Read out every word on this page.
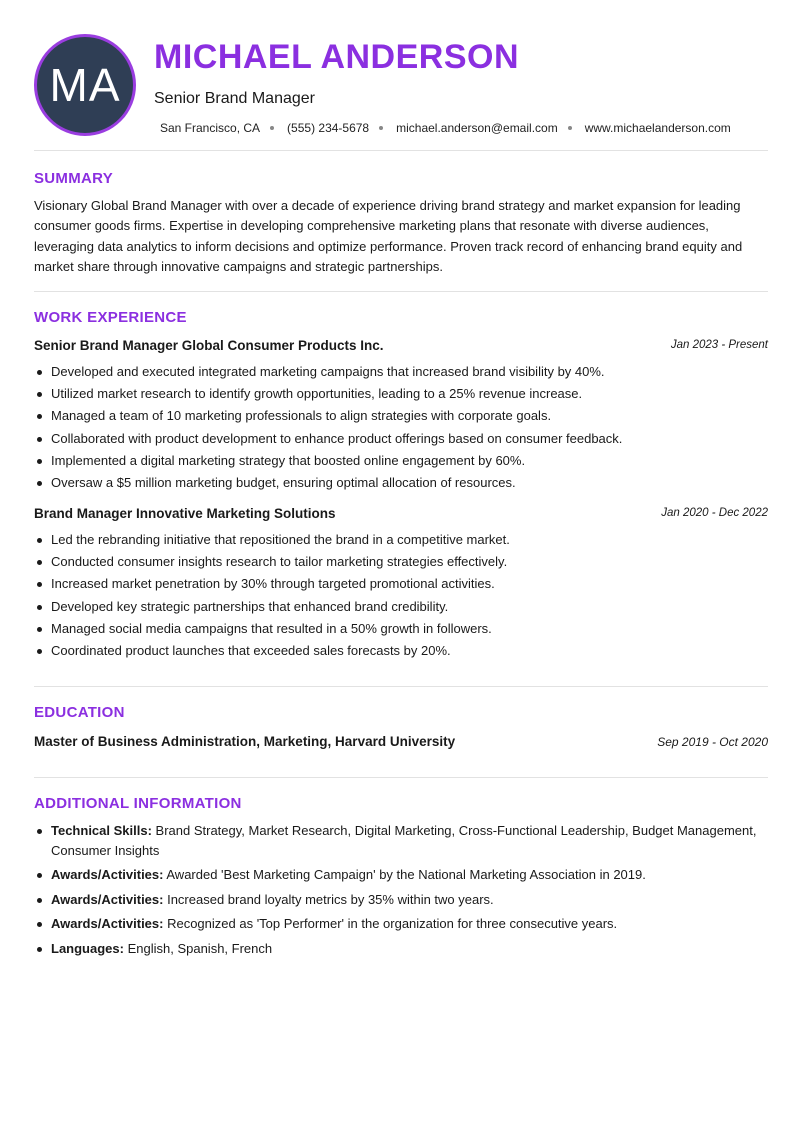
MA
MICHAEL ANDERSON
Senior Brand Manager
San Francisco, CA (555) 234-5678 michael.anderson@email.com www.michaelanderson.com
SUMMARY
Visionary Global Brand Manager with over a decade of experience driving brand strategy and market expansion for leading consumer goods firms. Expertise in developing comprehensive marketing plans that resonate with diverse audiences, leveraging data analytics to inform decisions and optimize performance. Proven track record of enhancing brand equity and market share through innovative campaigns and strategic partnerships.
WORK EXPERIENCE
Senior Brand Manager Global Consumer Products Inc.	Jan 2023 - Present
Developed and executed integrated marketing campaigns that increased brand visibility by 40%.
Utilized market research to identify growth opportunities, leading to a 25% revenue increase.
Managed a team of 10 marketing professionals to align strategies with corporate goals.
Collaborated with product development to enhance product offerings based on consumer feedback.
Implemented a digital marketing strategy that boosted online engagement by 60%.
Oversaw a $5 million marketing budget, ensuring optimal allocation of resources.
Brand Manager Innovative Marketing Solutions	Jan 2020 - Dec 2022
Led the rebranding initiative that repositioned the brand in a competitive market.
Conducted consumer insights research to tailor marketing strategies effectively.
Increased market penetration by 30% through targeted promotional activities.
Developed key strategic partnerships that enhanced brand credibility.
Managed social media campaigns that resulted in a 50% growth in followers.
Coordinated product launches that exceeded sales forecasts by 20%.
EDUCATION
Master of Business Administration, Marketing, Harvard University	Sep 2019 - Oct 2020
ADDITIONAL INFORMATION
Technical Skills: Brand Strategy, Market Research, Digital Marketing, Cross-Functional Leadership, Budget Management, Consumer Insights
Awards/Activities: Awarded 'Best Marketing Campaign' by the National Marketing Association in 2019.
Awards/Activities: Increased brand loyalty metrics by 35% within two years.
Awards/Activities: Recognized as 'Top Performer' in the organization for three consecutive years.
Languages: English, Spanish, French
